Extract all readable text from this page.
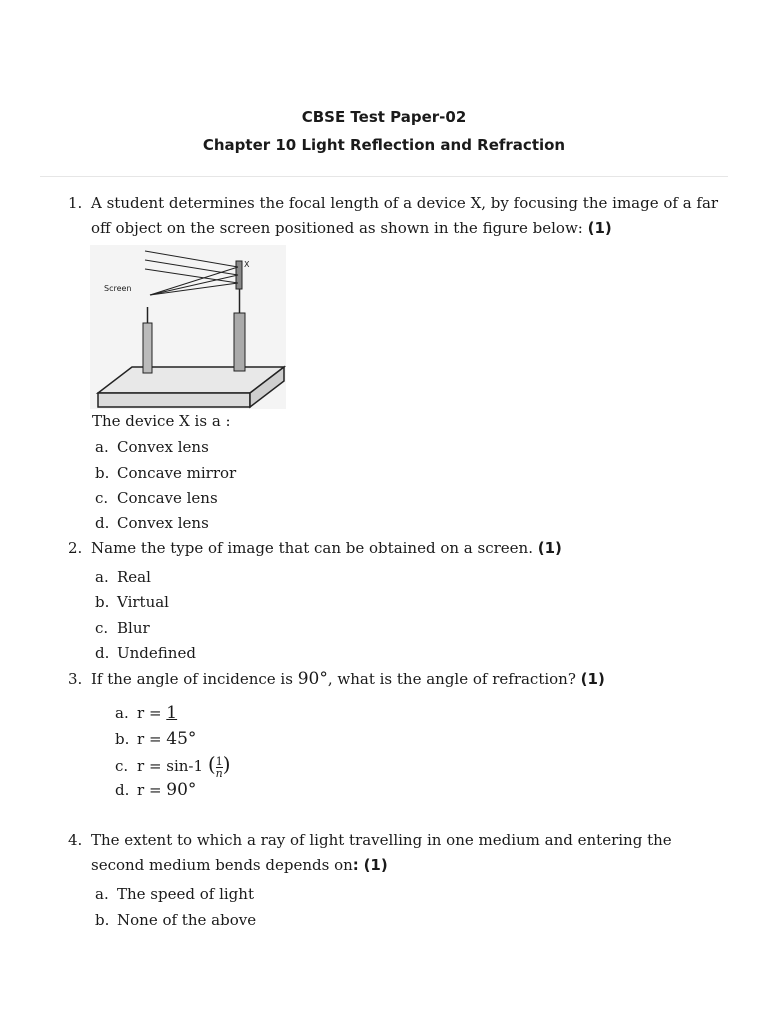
CBSE Test Paper-02
Chapter 10 Light Reflection and Refraction
1. A student determines the focal length of a device X, by focusing the image of a far off object on the screen positioned as shown in the figure below: (1)
Screen
X
The device X is a :
a. Convex lens
b. Concave mirror
c. Concave lens
d. Convex lens
2. Name the type of image that can be obtained on a screen. (1)
a. Real
b. Virtual
c. Blur
d. Undefined
3. If the angle of incidence is 90°, what is the angle of refraction? (1)
a. r = 1
b. r = 45°
c. r = sin-1 ( $\frac{1}{n}$)
d. r = 90°
4. The extent to which a ray of light travelling in one medium and entering the second medium bends depends on: (1)
a. The speed of light
b. None of the above
